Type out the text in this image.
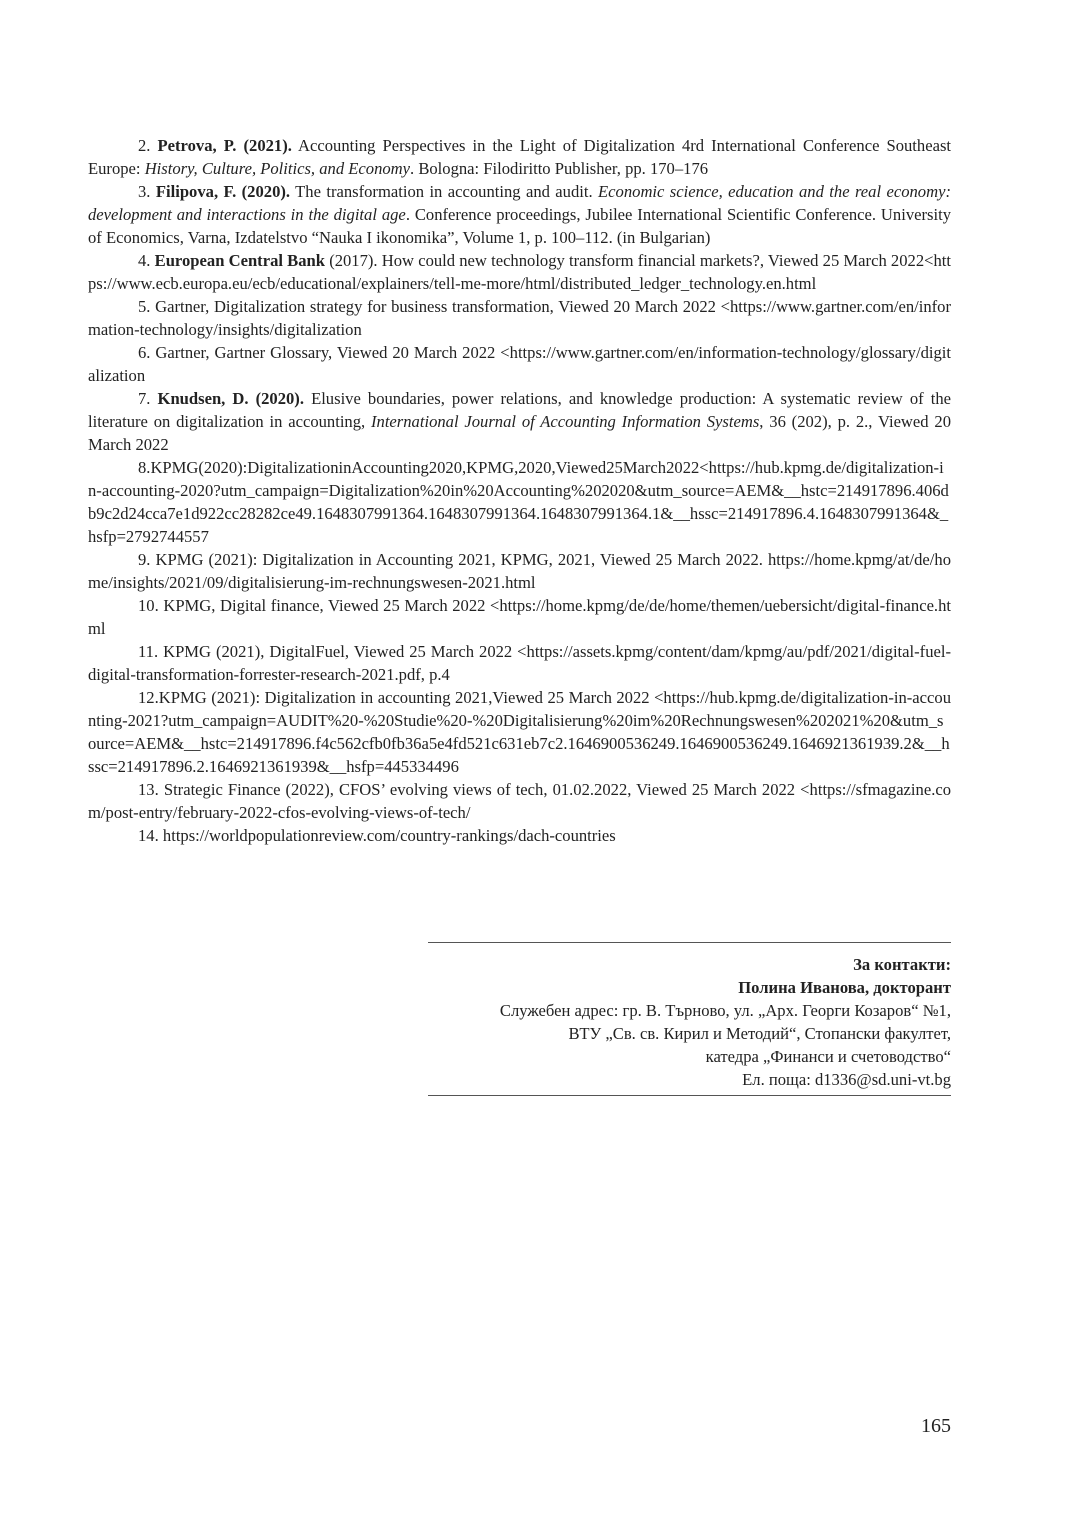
2. Petrova, P. (2021). Accounting Perspectives in the Light of Digitalization 4rd International Conference Southeast Europe: History, Culture, Politics, and Economy. Bologna: Filodiritto Publisher, pp. 170–176

3. Filipova, F. (2020). The transformation in accounting and audit. Economic science, education and the real economy: development and interactions in the digital age. Conference proceedings, Jubilee International Scientific Conference. University of Economics, Varna, Izdatelstvo “Nauka I ikonomika”, Volume 1, p. 100–112. (in Bulgarian)

4. European Central Bank (2017). How could new technology transform financial markets?, Viewed 25 March 2022<https://www.ecb.europa.eu/ecb/educational/explainers/tell-me-more/html/distributed_ledger_technology.en.html

5. Gartner, Digitalization strategy for business transformation, Viewed 20 March 2022 <https://www.gartner.com/en/information-technology/insights/digitalization

6. Gartner, Gartner Glossary, Viewed 20 March 2022 <https://www.gartner.com/en/information-technology/glossary/digitalization

7. Knudsen, D. (2020). Elusive boundaries, power relations, and knowledge production: A systematic review of the literature on digitalization in accounting, International Journal of Accounting Information Systems, 36 (202), p. 2., Viewed 20 March 2022

8.KPMG(2020):DigitalizationinAccounting2020,KPMG,2020,Viewed25March2022<https://hub.kpmg.de/digitalization-in-accounting-2020?utm_campaign=Digitalization%20in%20Accounting%202020&utm_source=AEM&__hstc=214917896.406db9c2d24cca7e1d922cc28282ce49.1648307991364.1648307991364.1648307991364.1&__hssc=214917896.4.1648307991364&_hsfp=2792744557

9. KPMG (2021): Digitalization in Accounting 2021, KPMG, 2021, Viewed 25 March 2022. https://home.kpmg/at/de/home/insights/2021/09/digitalisierung-im-rechnungswesen-2021.html

10. KPMG, Digital finance, Viewed 25 March 2022 <https://home.kpmg/de/de/home/themen/uebersicht/digital-finance.html

11. KPMG (2021), DigitalFuel, Viewed 25 March 2022 <https://assets.kpmg/content/dam/kpmg/au/pdf/2021/digital-fuel-digital-transformation-forrester-research-2021.pdf, p.4

12.KPMG (2021): Digitalization in accounting 2021,Viewed 25 March 2022 <https://hub.kpmg.de/digitalization-in-accounting-2021?utm_campaign=AUDIT%20-%20Studie%20-%20Digitalisierung%20im%20Rechnungswesen%202021%20&utm_source=AEM&__hstc=214917896.f4c562cfb0fb36a5e4fd521c631eb7c2.1646900536249.1646900536249.1646921361939.2&__hssc=214917896.2.1646921361939&__hsfp=445334496

13. Strategic Finance (2022), CFOS’ evolving views of tech, 01.02.2022, Viewed 25 March 2022 <https://sfmagazine.com/post-entry/february-2022-cfos-evolving-views-of-tech/

14. https://worldpopulationreview.com/country-rankings/dach-countries

За контакти:
Полина Иванова, докторант
Служебен адрес: гр. В. Търново, ул. „Арх. Георги Козаров“ №1,
ВТУ „Св. св. Кирил и Методий“, Стопански факултет,
катедра „Финанси и счетоводство“
Ел. поща: d1336@sd.uni-vt.bg
165
